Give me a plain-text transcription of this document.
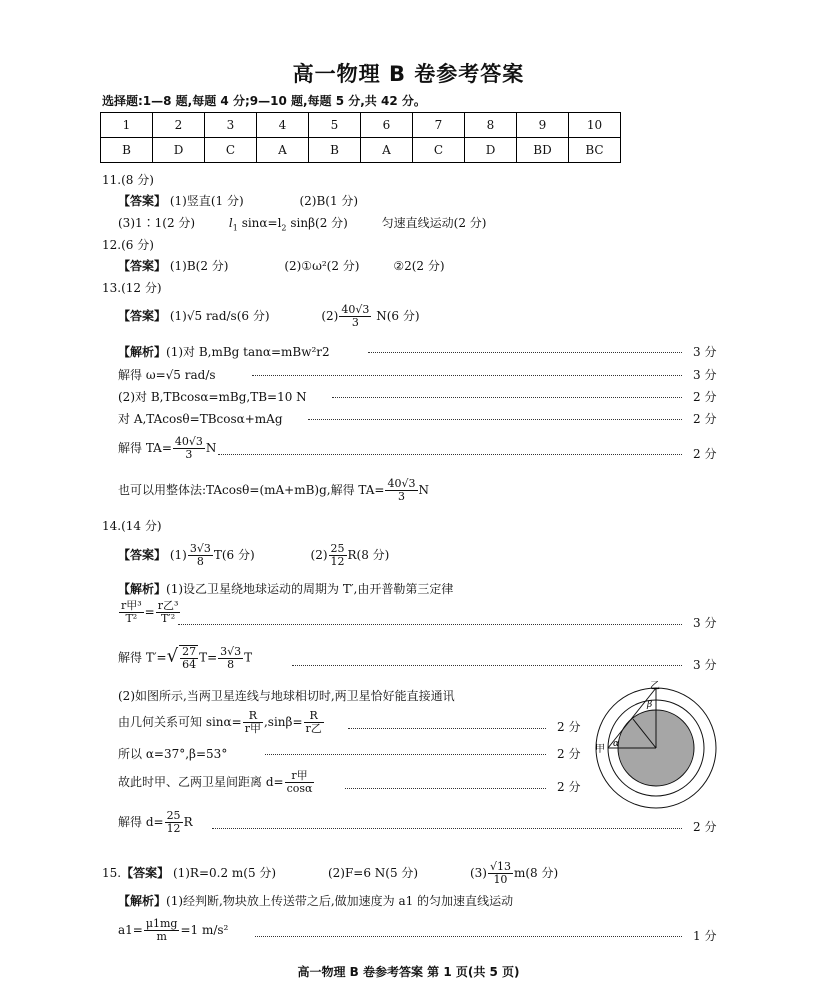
高一物理 B 卷参考答案
选择题:1—8 题,每题 4 分;9—10 题,每题 5 分,共 42 分。
1	2	3	4	5	6	7	8	9	10
B	D	C	A	B	A	C	D	BD	BC
11.(8 分)
【答案】 (1)竖直(1 分)	(2)B(1 分)
(3)1∶1(2 分)	$l_1$ $\sin\alpha=l_2$ sinβ(2 分)	匀速直线运动(2 分)
12.(6 分)
【答案】 (1)B(2 分)	(2)①ω²(2 分)	②2(2 分)
13.(12 分)
【答案】 (1)√5 rad/s(6 分)	$(2) \frac{40√3}{3} N(6$ 分)
【解析】(1)对 B,mBg tanα=mBw²r2	3 分
解得 ω=√5 rad/s	3 分
(2)对 B,TBcosα=mBg,TB=10 N	2 分
对 A,TAcosθ=TBcosα+mAg	2 分
解得 $TA= \frac{40√3}{3}$ N	2 分
也可以用整体法:TAcosθ=(mA+mB)g,解得 $TA= \frac{40√3}{3}$ N
14.(14 分)
【答案】 $(1) \frac{3√3}{8} T(6$ 分)	$(2) \frac{25}{12} R(8$ 分)
【解析】(1)设乙卫星绕地球运动的周期为 T′,由开普勒第三定律
$\frac{\text{r甲³}}{\text{T²}} = \frac{\text{r乙³}}{\text{T′²}}$	3 分
解得 $T'=√ \frac{27}{64} T= \frac{3√3}{8}$ T
3 分
(2)如图所示,当两卫星连线与地球相切时,两卫星恰好能直接通讯
由几何关系可知 $\sin\alpha= \frac{R}{\text{r甲}} ,\sin\beta= \frac{R}{\text{r乙}}$	2 分
所以 α=37°,β=53°	2 分
故此时甲、乙两卫星间距离 $d= \frac{\text{r甲}}{\cos\alpha}$	2 分
解得 $d= \frac{25}{12}$ R	2 分
甲
乙
α
β
15.【答案】 (1)R=0.2 m(5 分)	(2)F=6 N(5 分)	$(3) \frac{√13}{10} m(8$ 分)
【解析】(1)经判断,物块放上传送带之后,做加速度为 a1 的匀加速直线运动
$a1= \frac{\mu 1mg}{m} =1$ m/s²	1 分
高一物理 B 卷参考答案 第 1 页(共 5 页)
